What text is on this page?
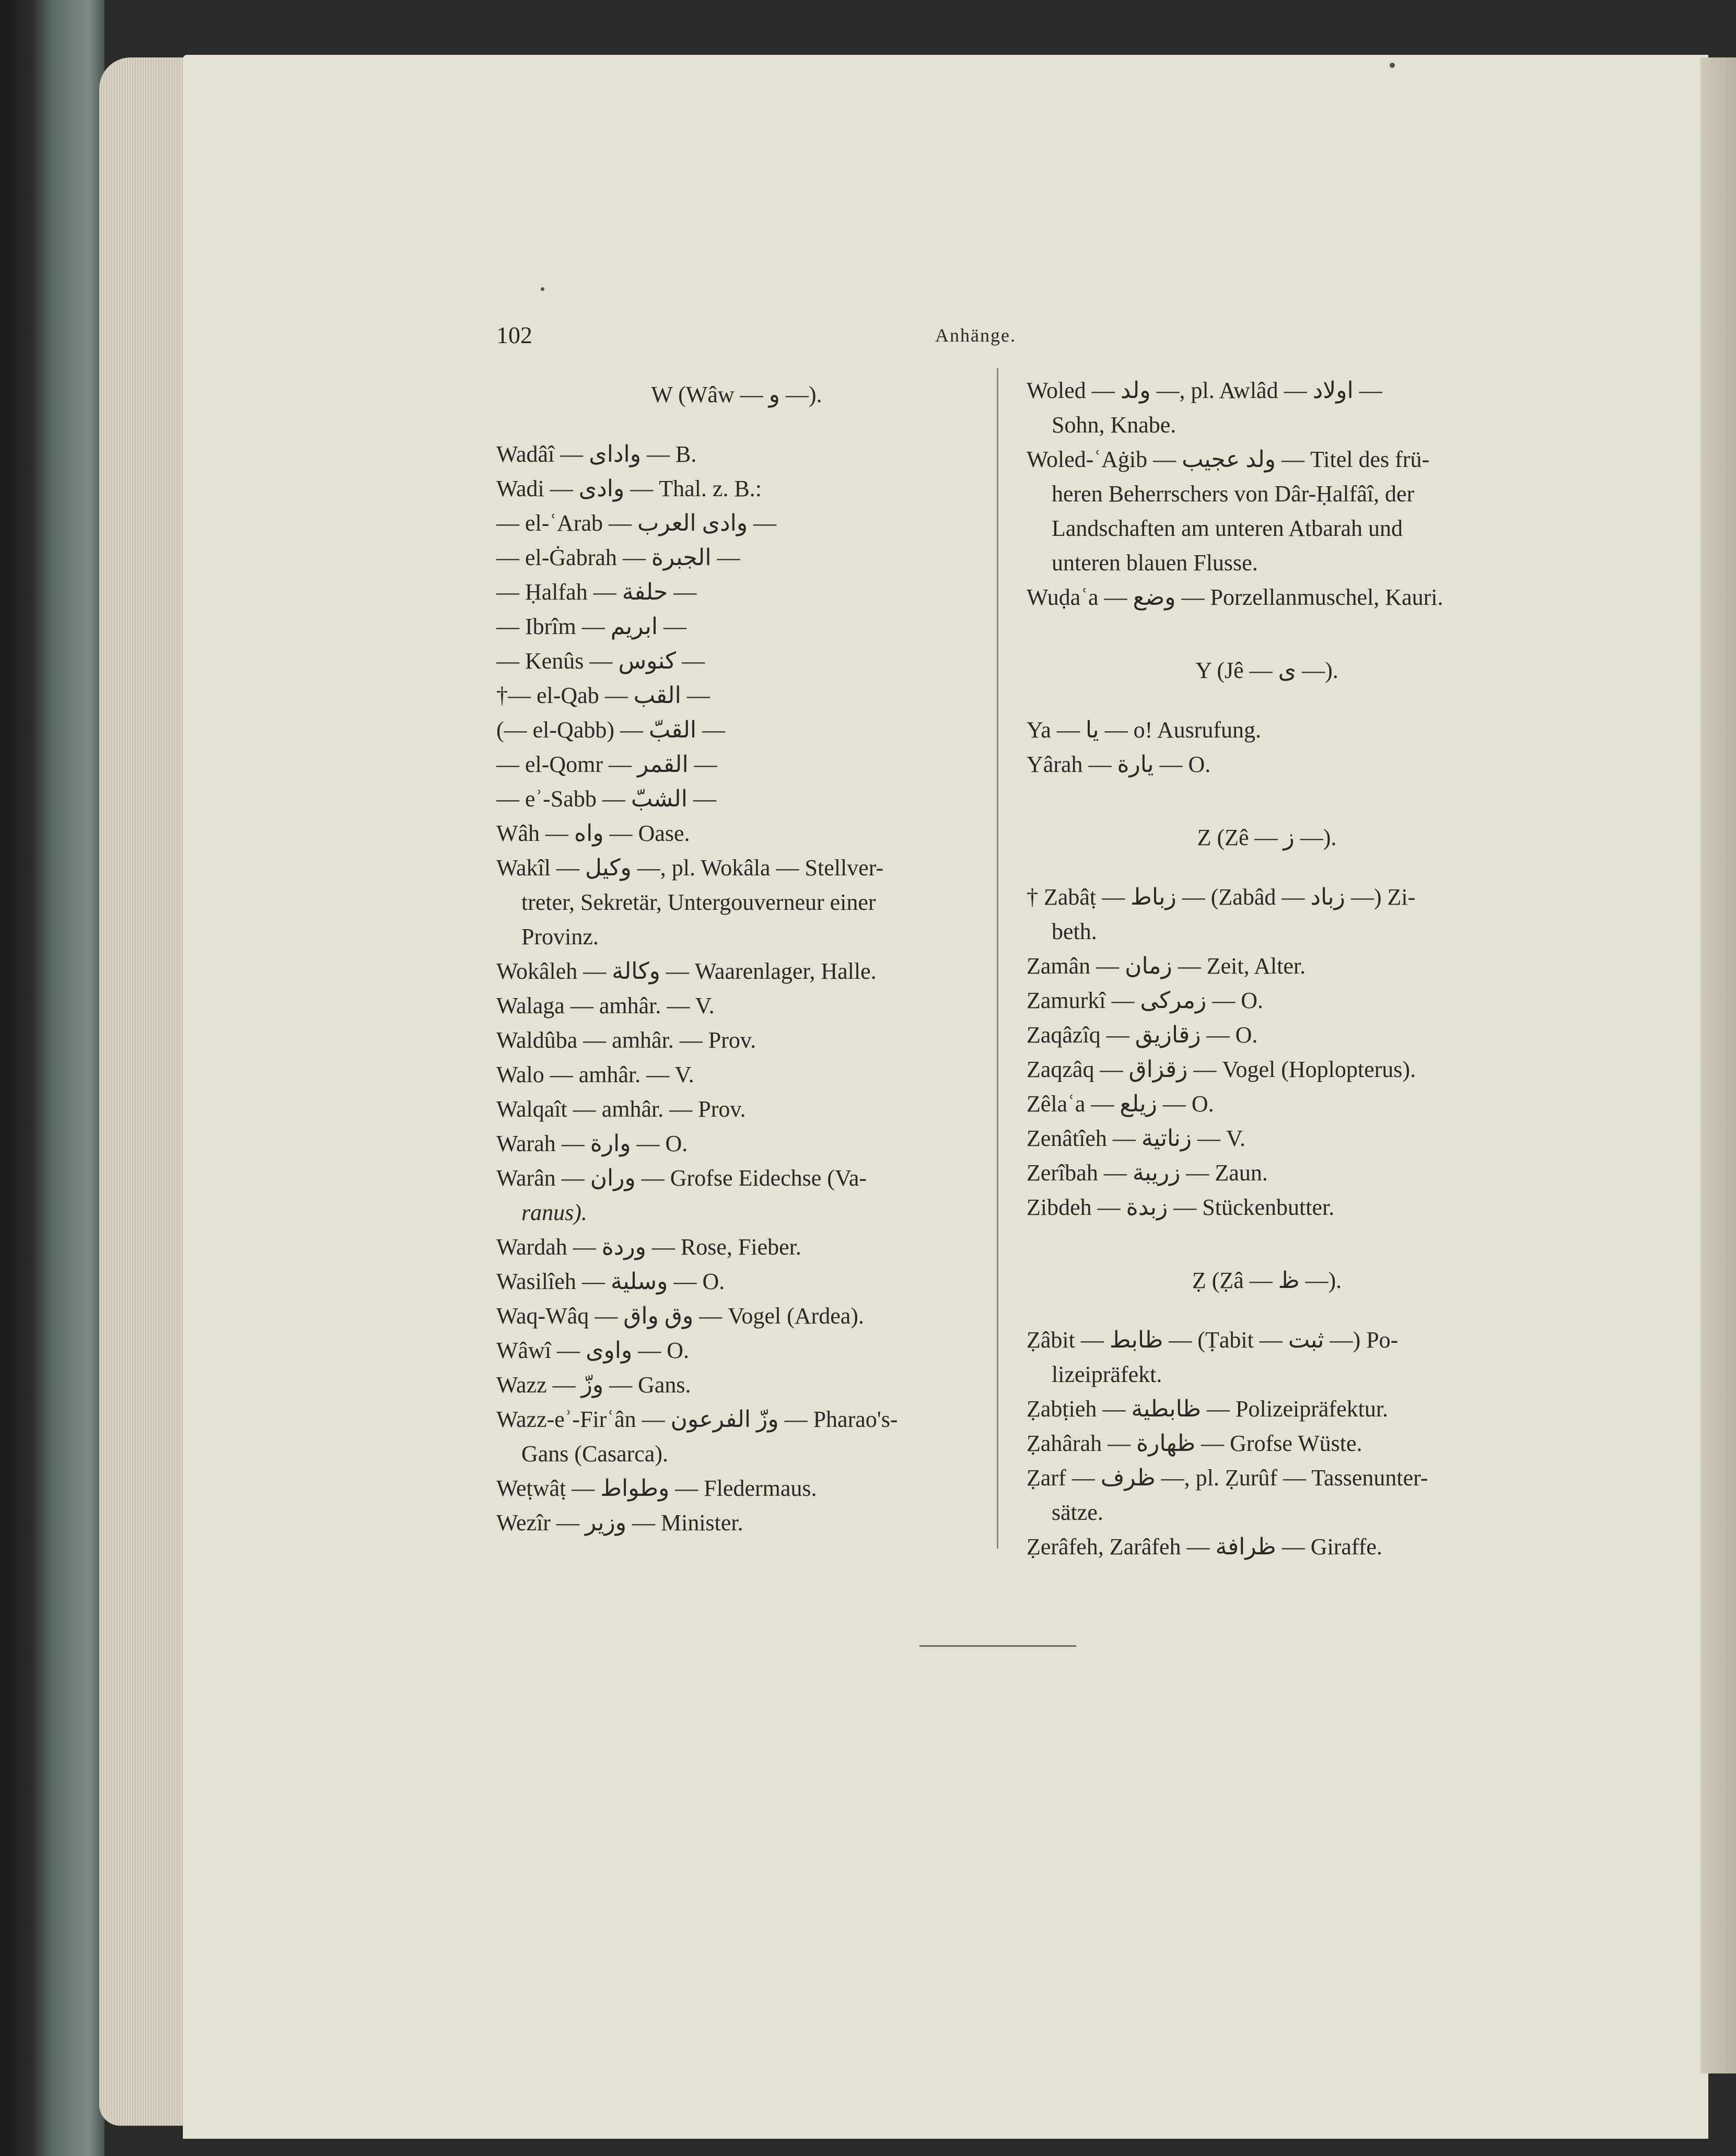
102	Anhänge.
W (Wâw — و —).
Wadâî — وادای — B.
Wadi — وادی — Thal. z. B.:
— el-ʿArab — وادی العرب —
— el-Ġabrah — الجبرة —
— Ḥalfah — حلفة —
— Ibrîm — ابريم —
— Kenûs — كنوس —
†— el-Qab — القب —
(— el-Qabb) — القبّ —
— el-Qomr — القمر —
— eʾ-Sabb — الشبّ —
Wâh — واه — Oase.
Wakîl — وكيل —, pl. Wokâla — Stellver-
treter, Sekretär, Untergouverneur einer
Provinz.
Wokâleh — وكالة — Waarenlager, Halle.
Walaga — amhâr. — V.
Waldûba — amhâr. — Prov.
Walo — amhâr. — V.
Walqaît — amhâr. — Prov.
Warah — وارة — O.
Warân — وران — Grofse Eidechse (Va-
ranus).
Wardah — وردة — Rose, Fieber.
Wasilîeh — وسلية — O.
Waq-Wâq — وق واق — Vogel (Ardea).
Wâwî — واوی — O.
Wazz — وزّ — Gans.
Wazz-eʾ-Firʿân — وزّ الفرعون — Pharao's-
Gans (Casarca).
Weṭwâṭ — وطواط — Fledermaus.
Wezîr — وزير — Minister.
Woled — ولد —, pl. Awlâd — اولاد —
Sohn, Knabe.
Woled-ʿAġib — ولد عجيب — Titel des frü-
heren Beherrschers von Dâr-Ḥalfâî, der
Landschaften am unteren Atbarah und
unteren blauen Flusse.
Wuḍaʿa — وضع — Porzellanmuschel, Kauri.
Y (Jê — ی —).
Ya — يا — o! Ausrufung.
Yârah — يارة — O.
Z (Zê — ز —).
† Zabâṭ — زباط — (Zabâd — زباد —) Zi-
beth.
Zamân — زمان — Zeit, Alter.
Zamurkî — زمركی — O.
Zaqâzîq — زقازيق — O.
Zaqzâq — زقزاق — Vogel (Hoplopterus).
Zêlaʿa — زيلع — O.
Zenâtîeh — زناتية — V.
Zerîbah — زريبة — Zaun.
Zibdeh — زبدة — Stückenbutter.
Ẓ (Ẓâ — ظ —).
Ẓâbit — ظابط — (Ṭabit — ثبت —) Po-
lizeipräfekt.
Ẓabṭieh — ظابطية — Polizeipräfektur.
Ẓahârah — ظهارة — Grofse Wüste.
Ẓarf — ظرف —, pl. Ẓurûf — Tassenunter-
sätze.
Ẓerâfeh, Zarâfeh — ظرافة — Giraffe.
